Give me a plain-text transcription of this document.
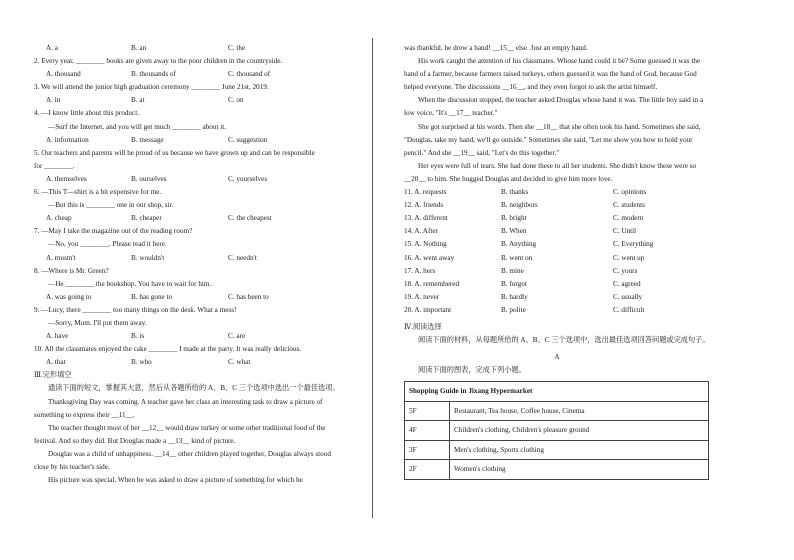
A. a	B. an	C. the
2. Every year, ________ books are given away to the poor children in the countryside.
A. thousand	B. thousands of	C. thousand of
3. We will attend the junior high graduation ceremony ________ June 21st, 2019.
A. in	B. at	C. on
4. —I know little about this product.
—Surf the Internet, and you will get much ________ about it.
A. information	B. message	C. suggestion
5. Our teachers and parents will be proud of us because we have grown up and can be responsible
for ________.
A. themselves	B. ourselves	C. yourselves
6. —This T—shirt is a bit expensive for me.
—But this is ________ one in our shop, sir.
A. cheap	B. cheaper	C. the cheapest
7. —May I take the magazine out of the reading room?
—No, you ________. Please read it here.
A. mustn't	B. wouldn't	C. needn't
8. —Where is Mr. Green?
—He ________ the bookshop. You have to wait for him.
A. was going to	B. has gone to	C. has been to
9. —Lucy, there ________ too many things on the desk. What a mess!
—Sorry, Mum. I'll put them away.
A. have	B. is	C. are
10. All the classmates enjoyed the cake ________ I made at the party. It was really delicious.
A. that	B. who	C. what
Ⅲ.完形填空
通读下面的短文，掌握其大意，然后从各题所给的 A、B、C 三个选项中选出一个最佳选项。
Thanksgiving Day was coming. A teacher gave her class an interesting task to draw a picture of something to express their __11__.
The teacher thought most of her __12__ would draw turkey or some other traditional food of the festival. And so they did. But Douglas made a __13__ kind of picture.
Douglas was a child of unhappiness. __14__ other children played together, Douglas always stood close by his teacher's side.
His picture was special. When he was asked to draw a picture of something for which he
was thankful, he drew a hand! __15__ else. Just an empty hand.
His work caught the attention of his classmates. Whose hand could it be? Some guessed it was the hand of a farmer, because farmers raised turkeys, others guessed it was the hand of God, because God helped everyone. The discussions __16__, and they even forgot to ask the artist himself.
When the discussion stopped, the teacher asked Douglas whose hand it was. The little boy said in a low voice, "It's __17__ teacher."
She got surprised at his words. Then she __18__ that she often took his hand. Sometimes she said, "Douglas, take my hand, we'll go outside." Sometimes she said, "Let me show you how to hold your pencil." And she __19__ said, "Let's do this together."
Her eyes were full of tears. She had done these to all her students. She didn't know these were so __20__ to him. She hugged Douglas and decided to give him more love.
11. A. requests	B. thanks	C. opinions
12. A. friends	B. neighbors	C. students
13. A. different	B. bright	C. modern
14. A. After	B. When	C. Until
15. A. Nothing	B. Anything	C. Everything
16. A. went away	B. went on	C. went up
17. A. hers	B. mine	C. yours
18. A. remembered	B. forgot	C. agreed
19. A. never	B. hardly	C. usually
20. A. important	B. polite	C. difficult
Ⅳ.阅读选择
阅读下面的材料，从每题所给的 A、B、C 三个选项中，选出最佳选项回答问题或完成句子。
A
阅读下面的图表，完成下列小题。
Shopping Guide in Jixang Hypermarket	
5F	Restaurant, Tea house, Coffee house, Cinema
4F	Children's clothing, Children's pleasure ground
3F	Men's clothing, Sports clothing
2F	Women's clothing
